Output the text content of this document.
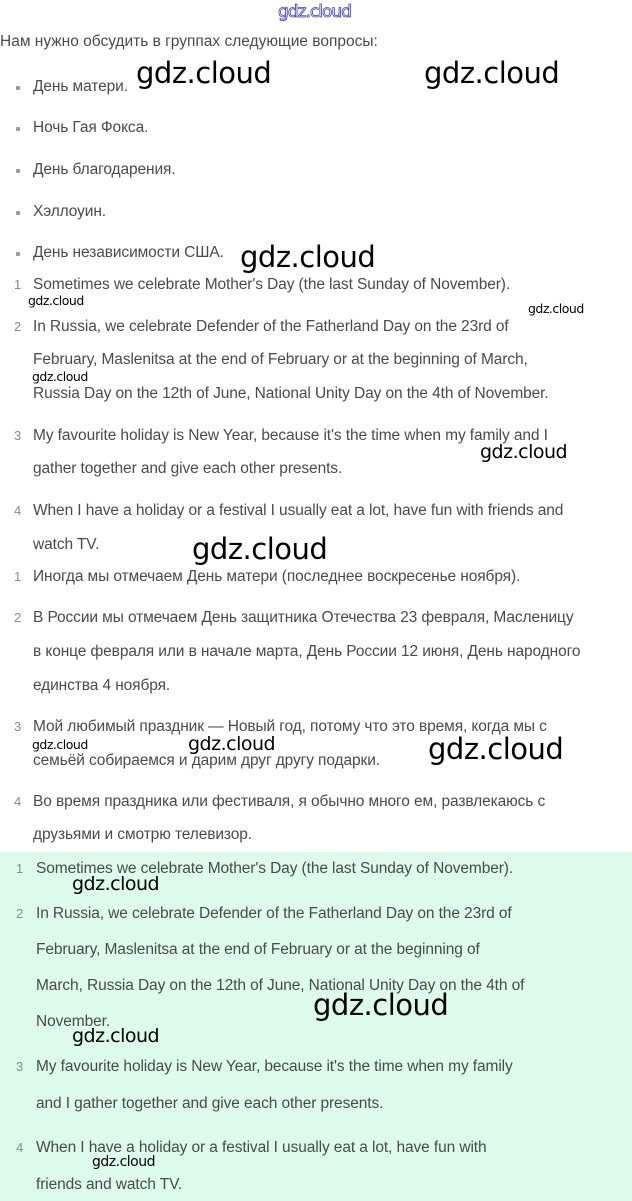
gdz.cloud
Нам нужно обсудить в группах следующие вопросы:
День матери.
Ночь Гая Фокса.
День благодарения.
Хэллоуин.
День независимости США.
1 Sometimes we celebrate Mother's Day (the last Sunday of November).
2 In Russia, we celebrate Defender of the Fatherland Day on the 23rd of
February, Maslenitsa at the end of February or at the beginning of March,
Russia Day on the 12th of June, National Unity Day on the 4th of November.
3 My favourite holiday is New Year, because it's the time when my family and I
gather together and give each other presents.
4 When I have a holiday or a festival I usually eat a lot, have fun with friends and
watch TV.
1 Иногда мы отмечаем День матери (последнее воскресенье ноября).
2 В России мы отмечаем День защитника Отечества 23 февраля, Масленицу
в конце февраля или в начале марта, День России 12 июня, День народного
единства 4 ноября.
3 Мой любимый праздник — Новый год, потому что это время, когда мы с
семьёй собираемся и дарим друг другу подарки.
4 Во время праздника или фестиваля, я обычно много ем, развлекаюсь с
друзьями и смотрю телевизор.
1 Sometimes we celebrate Mother's Day (the last Sunday of November).
2 In Russia, we celebrate Defender of the Fatherland Day on the 23rd of
February, Maslenitsa at the end of February or at the beginning of
March, Russia Day on the 12th of June, National Unity Day on the 4th of
November.
3 My favourite holiday is New Year, because it's the time when my family
and I gather together and give each other presents.
4 When I have a holiday or a festival I usually eat a lot, have fun with
friends and watch TV.
gdz.cloud	gdz.cloud
gdz.cloud
gdz.cloud
gdz.cloud
gdz.cloud
gdz.cloud
gdz.cloud
gdz.cloud	gdz.cloud	gdz.cloud
gdz.cloud
gdz.cloud
gdz.cloud
gdz.cloud
